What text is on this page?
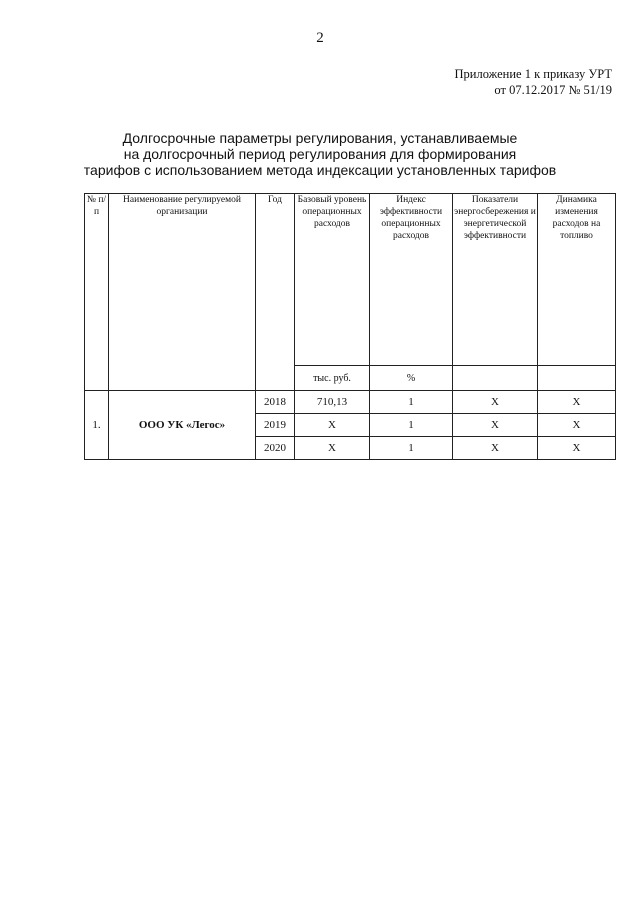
2
Приложение 1 к приказу УРТ
от 07.12.2017 № 51/19
Долгосрочные параметры регулирования, устанавливаемые
на долгосрочный период регулирования для формирования
тарифов с использованием метода индексации установленных тарифов
№ п/п	Наименование регулируемой организации	Год	Базовый уровень операционных расходов	Индекс эффективности операционных расходов	Показатели энергосбережения и энергетической эффективности	Динамика изменения расходов на топливо
			тыс. руб.	%		
1.	ООО УК «Легос»	2018	710,13	1	Х	Х
		2019	Х	1	Х	Х
		2020	Х	1	Х	Х
